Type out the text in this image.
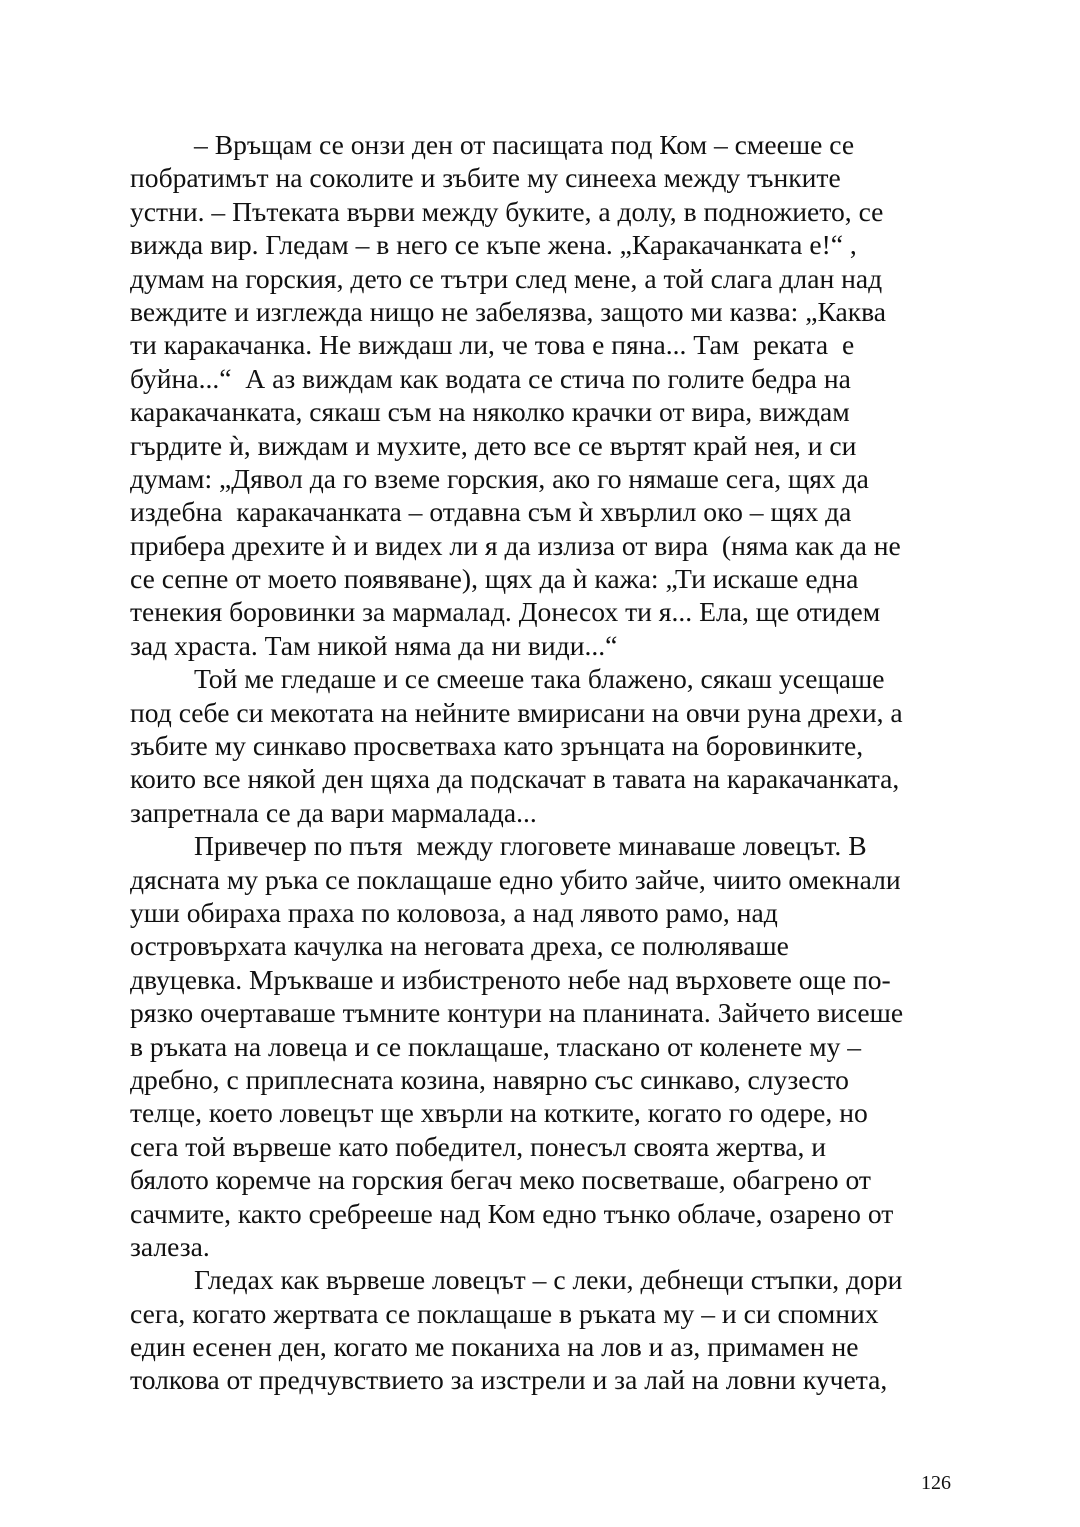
– Връщам се онзи ден от пасищата под Ком – смееше се
побратимът на соколите и зъбите му синееха между тънките
устни. – Пътеката върви между буките, а долу, в подножието, се
вижда вир. Гледам – в него се къпе жена. „Каракачанката е!“ ,
думам на горския, дето се тътри след мене, а той слага длан над
веждите и изглежда нищо не забелязва, защото ми казва: „Каква
ти каракачанка. Не виждаш ли, че това е пяна... Там  реката  е
буйна...“  А аз виждам как водата се стича по голите бедра на
каракачанката, сякаш съм на няколко крачки от вира, виждам
гърдите ѝ, виждам и мухите, дето все се въртят край нея, и си
думам: „Дявол да го вземе горския, ако го нямаше сега, щях да
издебна  каракачанката – отдавна съм ѝ хвърлил око – щях да
прибера дрехите ѝ и видех ли я да излиза от вира  (няма как да не
се сепне от моето появяване), щях да ѝ кажа: „Ти искаше една
тенекия боровинки за мармалад. Донесох ти я... Ела, ще отидем
зад храста. Там никой няма да ни види...“
Той ме гледаше и се смееше така блажено, сякаш усещаше
под себе си мекотата на нейните вмирисани на овчи руна дрехи, а
зъбите му синкаво просветваха като зрънцата на боровинките,
които все някой ден щяха да подскачат в тавата на каракачанката,
запретнала се да вари мармалада...
Привечер по пътя  между глоговете минаваше ловецът. В
дясната му ръка се поклащаше едно убито зайче, чиито омекнали
уши обираха праха по коловоза, а над лявото рамо, над
островърхата качулка на неговата дреха, се полюляваше
двуцевка. Мръкваше и избистреното небе над върховете още по-
рязко очертаваше тъмните контури на планината. Зайчето висеше
в ръката на ловеца и се поклащаше, тласкано от коленете му –
дребно, с приплесната козина, навярно със синкаво, слузесто
телце, което ловецът ще хвърли на котките, когато го одере, но
сега той вървеше като победител, понесъл своята жертва, и
бялото коремче на горския бегач меко посветваше, обагрено от
сачмите, както сребрееше над Ком едно тънко облаче, озарено от
залеза.
Гледах как вървеше ловецът – с леки, дебнещи стъпки, дори
сега, когато жертвата се поклащаше в ръката му – и си спомних
един есенен ден, когато ме поканиха на лов и аз, примамен не
толкова от предчувствието за изстрели и за лай на ловни кучета,
126
